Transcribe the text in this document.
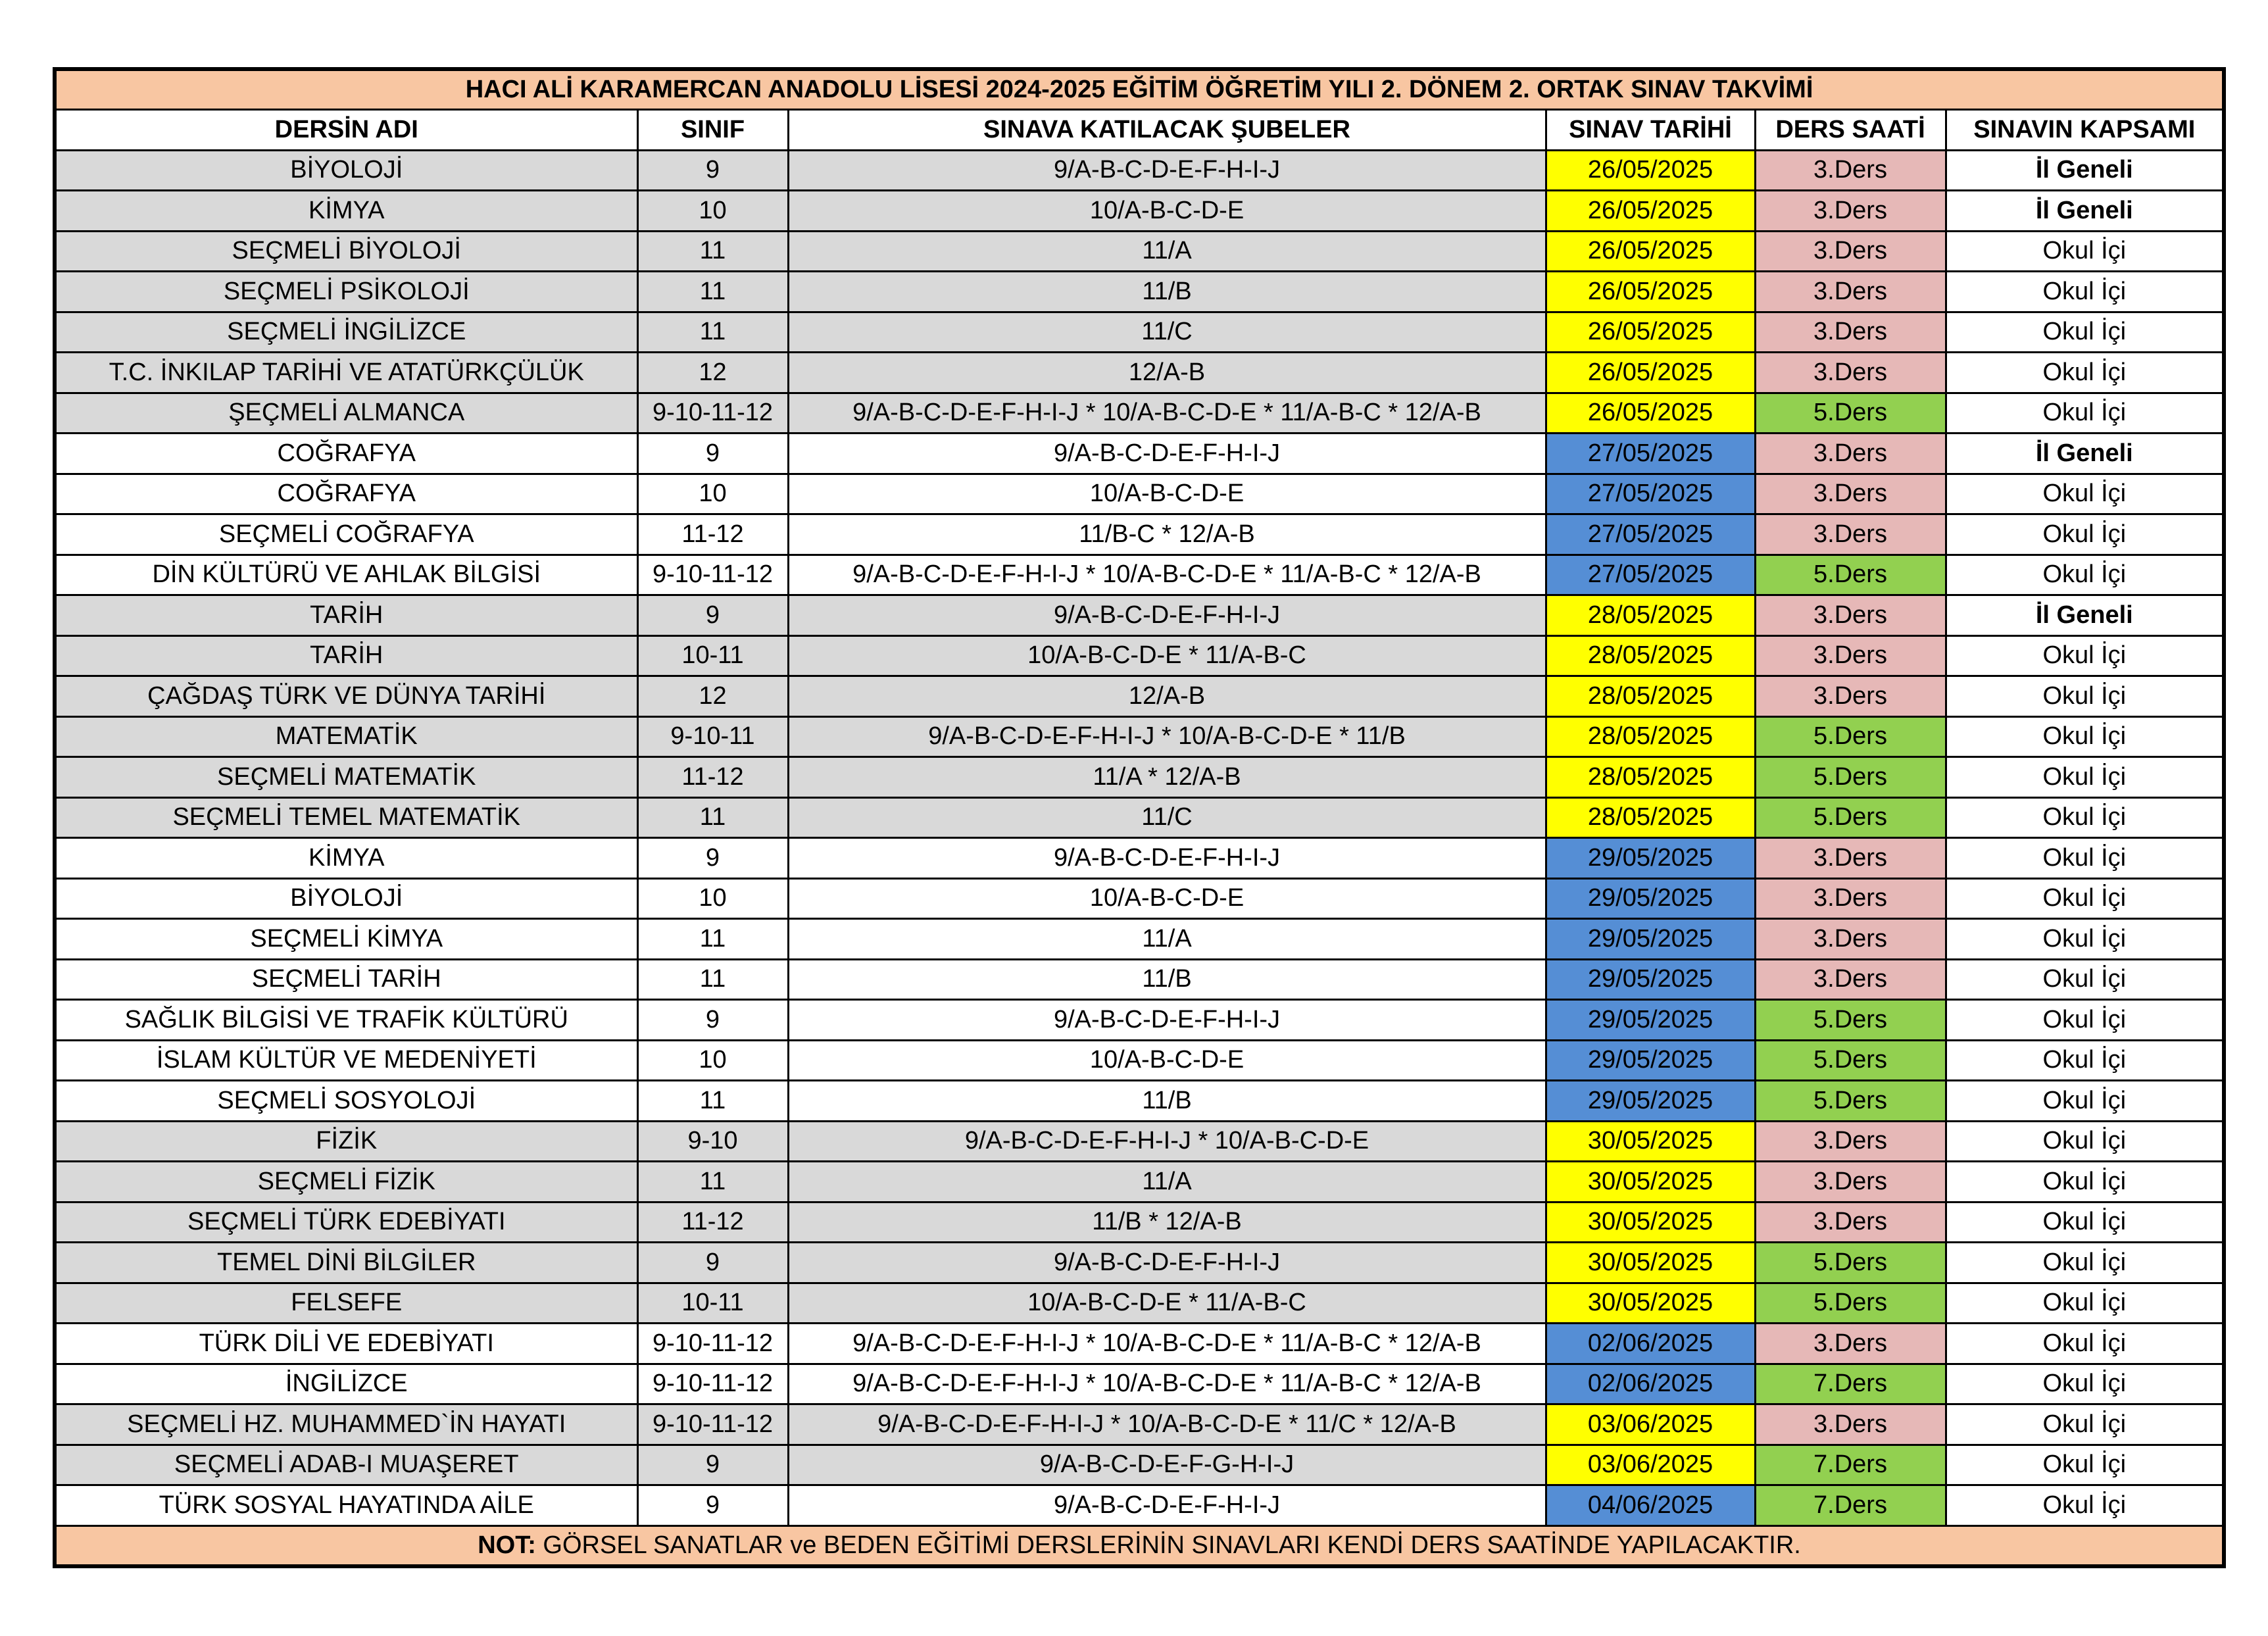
HACI ALİ KARAMERCAN ANADOLU LİSESİ 2024-2025 EĞİTİM ÖĞRETİM YILI 2. DÖNEM 2. ORTAK SINAV TAKVİMİ					
DERSİN ADI	SINIF	SINAVA KATILACAK ŞUBELER	SINAV TARİHİ	DERS SAATİ	SINAVIN KAPSAMI
BİYOLOJİ	9	9/A-B-C-D-E-F-H-I-J	26/05/2025	3.Ders	İl Geneli
KİMYA	10	10/A-B-C-D-E	26/05/2025	3.Ders	İl Geneli
SEÇMELİ BİYOLOJİ	11	11/A	26/05/2025	3.Ders	Okul İçi
SEÇMELİ PSİKOLOJİ	11	11/B	26/05/2025	3.Ders	Okul İçi
SEÇMELİ İNGİLİZCE	11	11/C	26/05/2025	3.Ders	Okul İçi
T.C. İNKILAP TARİHİ VE ATATÜRKÇÜLÜK	12	12/A-B	26/05/2025	3.Ders	Okul İçi
ŞEÇMELİ ALMANCA	9-10-11-12	9/A-B-C-D-E-F-H-I-J * 10/A-B-C-D-E * 11/A-B-C * 12/A-B	26/05/2025	5.Ders	Okul İçi
COĞRAFYA	9	9/A-B-C-D-E-F-H-I-J	27/05/2025	3.Ders	İl Geneli
COĞRAFYA	10	10/A-B-C-D-E	27/05/2025	3.Ders	Okul İçi
SEÇMELİ COĞRAFYA	11-12	11/B-C * 12/A-B	27/05/2025	3.Ders	Okul İçi
DİN KÜLTÜRÜ VE AHLAK BİLGİSİ	9-10-11-12	9/A-B-C-D-E-F-H-I-J * 10/A-B-C-D-E * 11/A-B-C * 12/A-B	27/05/2025	5.Ders	Okul İçi
TARİH	9	9/A-B-C-D-E-F-H-I-J	28/05/2025	3.Ders	İl Geneli
TARİH	10-11	10/A-B-C-D-E * 11/A-B-C	28/05/2025	3.Ders	Okul İçi
ÇAĞDAŞ TÜRK VE DÜNYA TARİHİ	12	12/A-B	28/05/2025	3.Ders	Okul İçi
MATEMATİK	9-10-11	9/A-B-C-D-E-F-H-I-J * 10/A-B-C-D-E * 11/B	28/05/2025	5.Ders	Okul İçi
SEÇMELİ MATEMATİK	11-12	11/A * 12/A-B	28/05/2025	5.Ders	Okul İçi
SEÇMELİ TEMEL MATEMATİK	11	11/C	28/05/2025	5.Ders	Okul İçi
KİMYA	9	9/A-B-C-D-E-F-H-I-J	29/05/2025	3.Ders	Okul İçi
BİYOLOJİ	10	10/A-B-C-D-E	29/05/2025	3.Ders	Okul İçi
SEÇMELİ KİMYA	11	11/A	29/05/2025	3.Ders	Okul İçi
SEÇMELİ TARİH	11	11/B	29/05/2025	3.Ders	Okul İçi
SAĞLIK BİLGİSİ VE TRAFİK KÜLTÜRÜ	9	9/A-B-C-D-E-F-H-I-J	29/05/2025	5.Ders	Okul İçi
İSLAM KÜLTÜR VE MEDENİYETİ	10	10/A-B-C-D-E	29/05/2025	5.Ders	Okul İçi
SEÇMELİ SOSYOLOJİ	11	11/B	29/05/2025	5.Ders	Okul İçi
FİZİK	9-10	9/A-B-C-D-E-F-H-I-J * 10/A-B-C-D-E	30/05/2025	3.Ders	Okul İçi
SEÇMELİ FİZİK	11	11/A	30/05/2025	3.Ders	Okul İçi
SEÇMELİ TÜRK EDEBİYATI	11-12	11/B * 12/A-B	30/05/2025	3.Ders	Okul İçi
TEMEL DİNİ BİLGİLER	9	9/A-B-C-D-E-F-H-I-J	30/05/2025	5.Ders	Okul İçi
FELSEFE	10-11	10/A-B-C-D-E * 11/A-B-C	30/05/2025	5.Ders	Okul İçi
TÜRK DİLİ VE EDEBİYATI	9-10-11-12	9/A-B-C-D-E-F-H-I-J * 10/A-B-C-D-E * 11/A-B-C * 12/A-B	02/06/2025	3.Ders	Okul İçi
İNGİLİZCE	9-10-11-12	9/A-B-C-D-E-F-H-I-J * 10/A-B-C-D-E * 11/A-B-C * 12/A-B	02/06/2025	7.Ders	Okul İçi
SEÇMELİ HZ. MUHAMMED`İN HAYATI	9-10-11-12	9/A-B-C-D-E-F-H-I-J * 10/A-B-C-D-E * 11/C * 12/A-B	03/06/2025	3.Ders	Okul İçi
SEÇMELİ ADAB-I MUAŞERET	9	9/A-B-C-D-E-F-G-H-I-J	03/06/2025	7.Ders	Okul İçi
TÜRK SOSYAL HAYATINDA AİLE	9	9/A-B-C-D-E-F-H-I-J	04/06/2025	7.Ders	Okul İçi
NOT: GÖRSEL SANATLAR ve BEDEN EĞİTİMİ DERSLERİNİN SINAVLARI KENDİ DERS SAATİNDE YAPILACAKTIR.					
